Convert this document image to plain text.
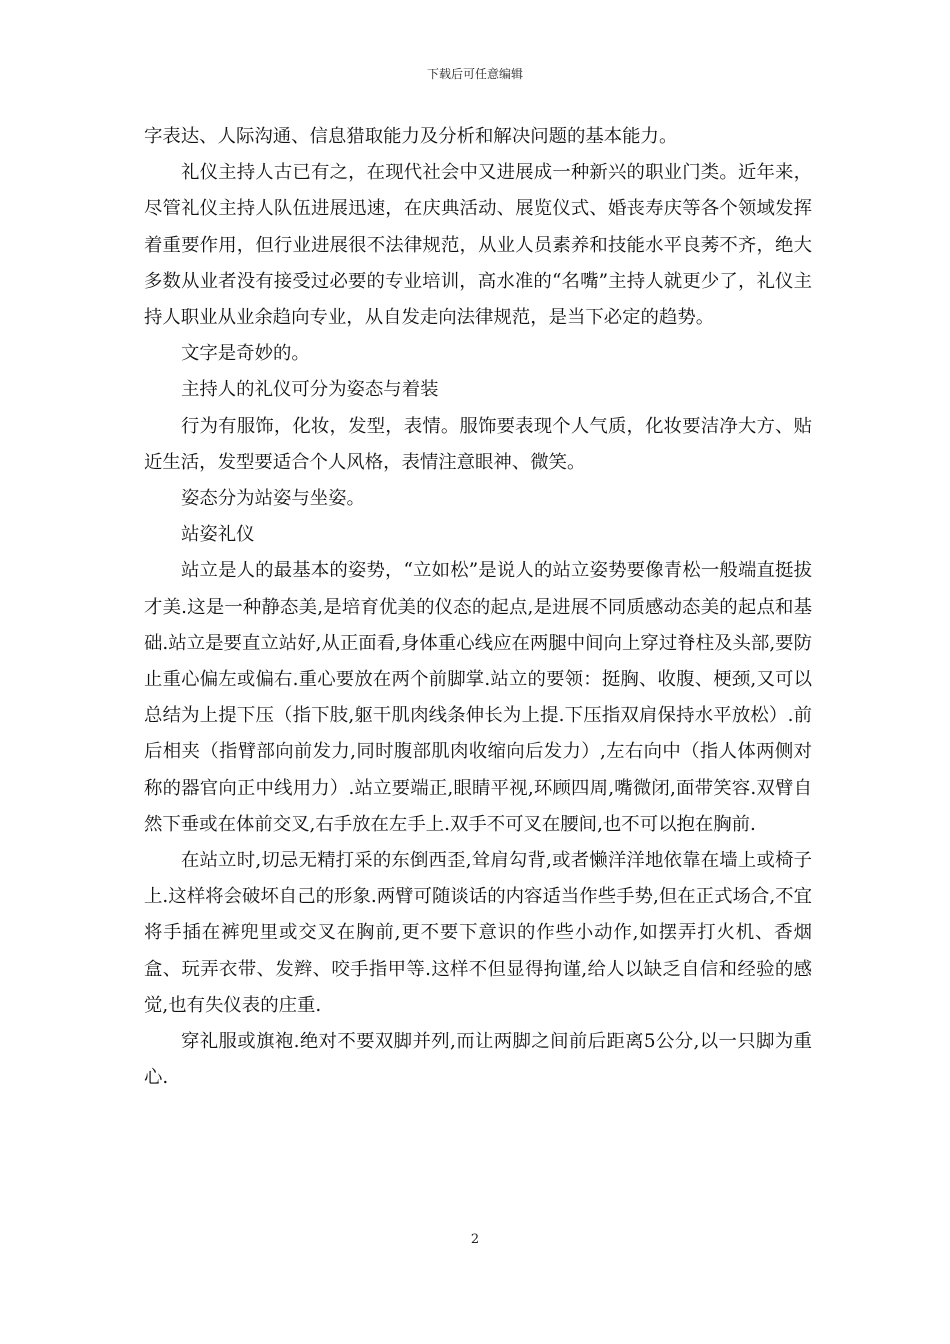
下载后可任意编辑

字表达、人际沟通、信息猎取能力及分析和解决问题的基本能力。

礼仪主持人古已有之，在现代社会中又进展成一种新兴的职业门类。近年来，尽管礼仪主持人队伍进展迅速，在庆典活动、展览仪式、婚丧寿庆等各个领域发挥着重要作用，但行业进展很不法律规范，从业人员素养和技能水平良莠不齐，绝大多数从业者没有接受过必要的专业培训，高水准的“名嘴”主持人就更少了，礼仪主持人职业从业余趋向专业，从自发走向法律规范，是当下必定的趋势。

文字是奇妙的。

主持人的礼仪可分为姿态与着装

行为有服饰，化妆，发型，表情。服饰要表现个人气质，化妆要洁净大方、贴近生活，发型要适合个人风格，表情注意眼神、微笑。

姿态分为站姿与坐姿。

站姿礼仪

站立是人的最基本的姿势，“立如松”是说人的站立姿势要像青松一般端直挺拔才美.这是一种静态美,是培育优美的仪态的起点,是进展不同质感动态美的起点和基础.站立是要直立站好,从正面看,身体重心线应在两腿中间向上穿过脊柱及头部,要防止重心偏左或偏右.重心要放在两个前脚掌.站立的要领：挺胸、收腹、梗颈,又可以总结为上提下压（指下肢,躯干肌肉线条伸长为上提.下压指双肩保持水平放松）.前后相夹（指臂部向前发力,同时腹部肌肉收缩向后发力）,左右向中（指人体两侧对称的器官向正中线用力）.站立要端正,眼睛平视,环顾四周,嘴微闭,面带笑容.双臂自然下垂或在体前交叉,右手放在左手上.双手不可叉在腰间,也不可以抱在胸前.

在站立时,切忌无精打采的东倒西歪,耸肩勾背,或者懒洋洋地依靠在墙上或椅子上.这样将会破坏自己的形象.两臂可随谈话的内容适当作些手势,但在正式场合,不宜将手插在裤兜里或交叉在胸前,更不要下意识的作些小动作,如摆弄打火机、香烟盒、玩弄衣带、发辫、咬手指甲等.这样不但显得拘谨,给人以缺乏自信和经验的感觉,也有失仪表的庄重.

穿礼服或旗袍.绝对不要双脚并列,而让两脚之间前后距离5公分,以一只脚为重心.

2
